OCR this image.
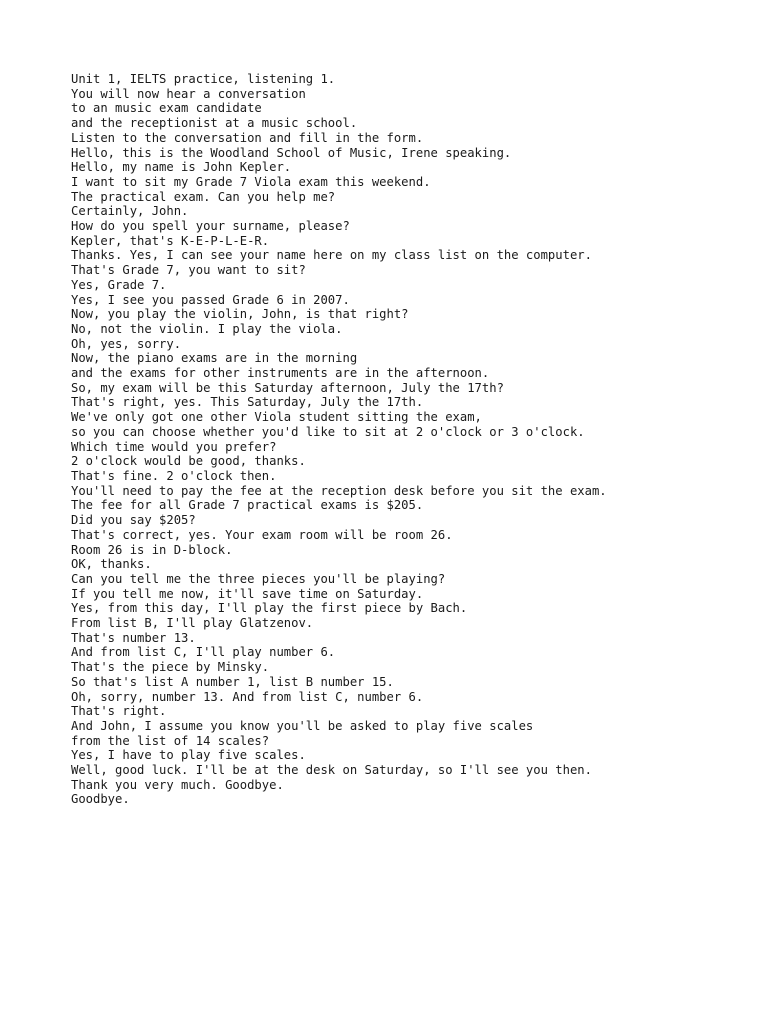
Unit 1, IELTS practice, listening 1.

You will now hear a conversation

to an music exam candidate

and the receptionist at a music school.

Listen to the conversation and fill in the form.

Hello, this is the Woodland School of Music, Irene speaking.

Hello, my name is John Kepler.

I want to sit my Grade 7 Viola exam this weekend.

The practical exam. Can you help me?

Certainly, John.

How do you spell your surname, please?

Kepler, that's K-E-P-L-E-R.

Thanks. Yes, I can see your name here on my class list on the computer.

That's Grade 7, you want to sit?

Yes, Grade 7.

Yes, I see you passed Grade 6 in 2007.

Now, you play the violin, John, is that right?

No, not the violin. I play the viola.

Oh, yes, sorry.

Now, the piano exams are in the morning

and the exams for other instruments are in the afternoon.

So, my exam will be this Saturday afternoon, July the 17th?

That's right, yes. This Saturday, July the 17th.

We've only got one other Viola student sitting the exam,

so you can choose whether you'd like to sit at 2 o'clock or 3 o'clock.

Which time would you prefer?

2 o'clock would be good, thanks.

That's fine. 2 o'clock then.

You'll need to pay the fee at the reception desk before you sit the exam.

The fee for all Grade 7 practical exams is $205.

Did you say $205?

That's correct, yes. Your exam room will be room 26.

Room 26 is in D-block.

OK, thanks.

Can you tell me the three pieces you'll be playing?

If you tell me now, it'll save time on Saturday.

Yes, from this day, I'll play the first piece by Bach.

From list B, I'll play Glatzenov.

That's number 13.

And from list C, I'll play number 6.

That's the piece by Minsky.

So that's list A number 1, list B number 15.

Oh, sorry, number 13. And from list C, number 6.

That's right.

And John, I assume you know you'll be asked to play five scales

from the list of 14 scales?

Yes, I have to play five scales.

Well, good luck. I'll be at the desk on Saturday, so I'll see you then.

Thank you very much. Goodbye.

Goodbye.
